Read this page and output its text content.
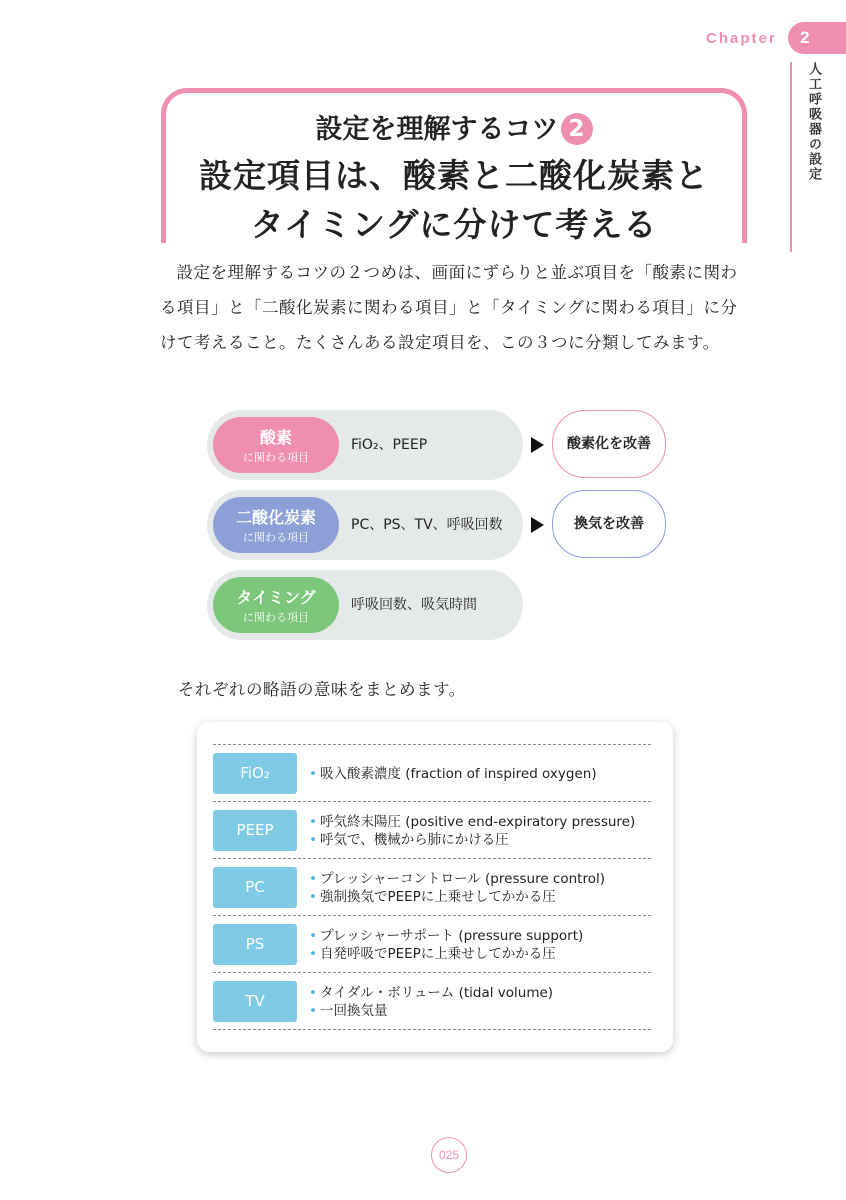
Chapter	2
人工呼吸器の設定
設定を理解するコツ 2
設定項目は、酸素と二酸化炭素と
タイミングに分けて考える

設定を理解するコツの２つめは、画面にずらりと並ぶ項目を「酸素に関わる項目」と「二酸化炭素に関わる項目」と「タイミングに関わる項目」に分けて考えること。たくさんある設定項目を、この３つに分類してみます。

酸素
に関わる項目
FiO₂、PEEP	酸素化を改善
二酸化炭素
に関わる項目
PC、PS、TV、呼吸回数	換気を改善
タイミング
に関わる項目
呼吸回数、吸気時間

それぞれの略語の意味をまとめます。

FiO₂	• 吸入酸素濃度 (fraction of inspired oxygen)
PEEP	• 呼気終末陽圧 (positive end-expiratory pressure)
• 呼気で、機械から肺にかける圧
PC	• プレッシャーコントロール (pressure control)
• 強制換気でPEEPに上乗せしてかかる圧
PS	• プレッシャーサポート (pressure support)
• 自発呼吸でPEEPに上乗せしてかかる圧
TV	• タイダル・ボリューム (tidal volume)
• 一回換気量
025
